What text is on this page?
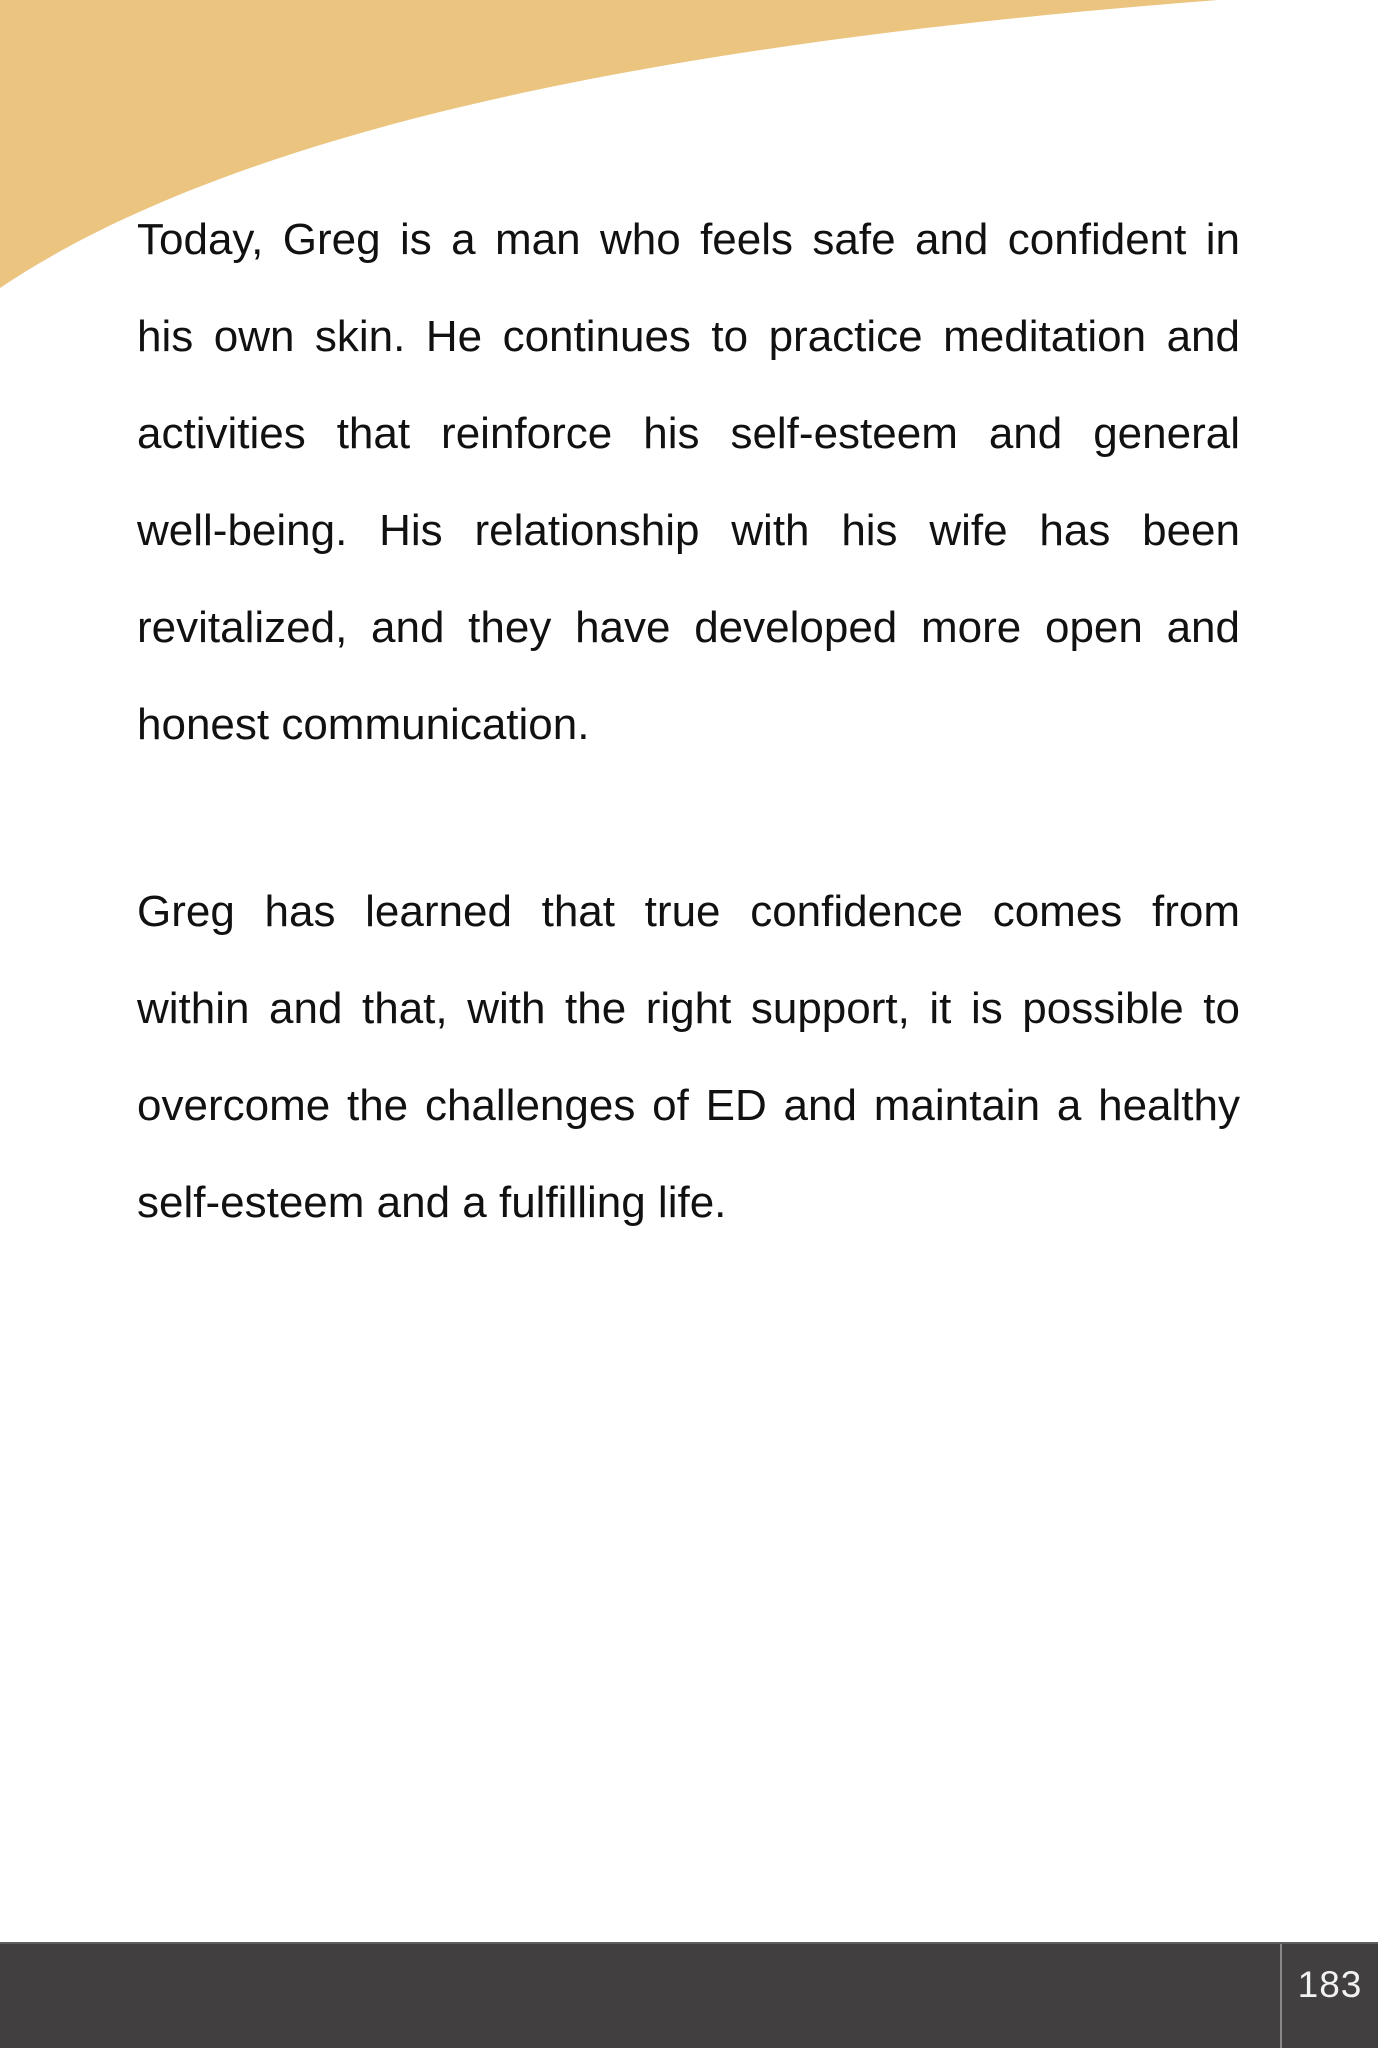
Today, Greg is a man who feels safe and confident in
his own skin. He continues to practice meditation and
activities that reinforce his self-esteem and general
well-being. His relationship with his wife has been
revitalized, and they have developed more open and
honest communication.
Greg has learned that true confidence comes from
within and that, with the right support, it is possible to
overcome the challenges of ED and maintain a healthy
self-esteem and a fulfilling life.
183
